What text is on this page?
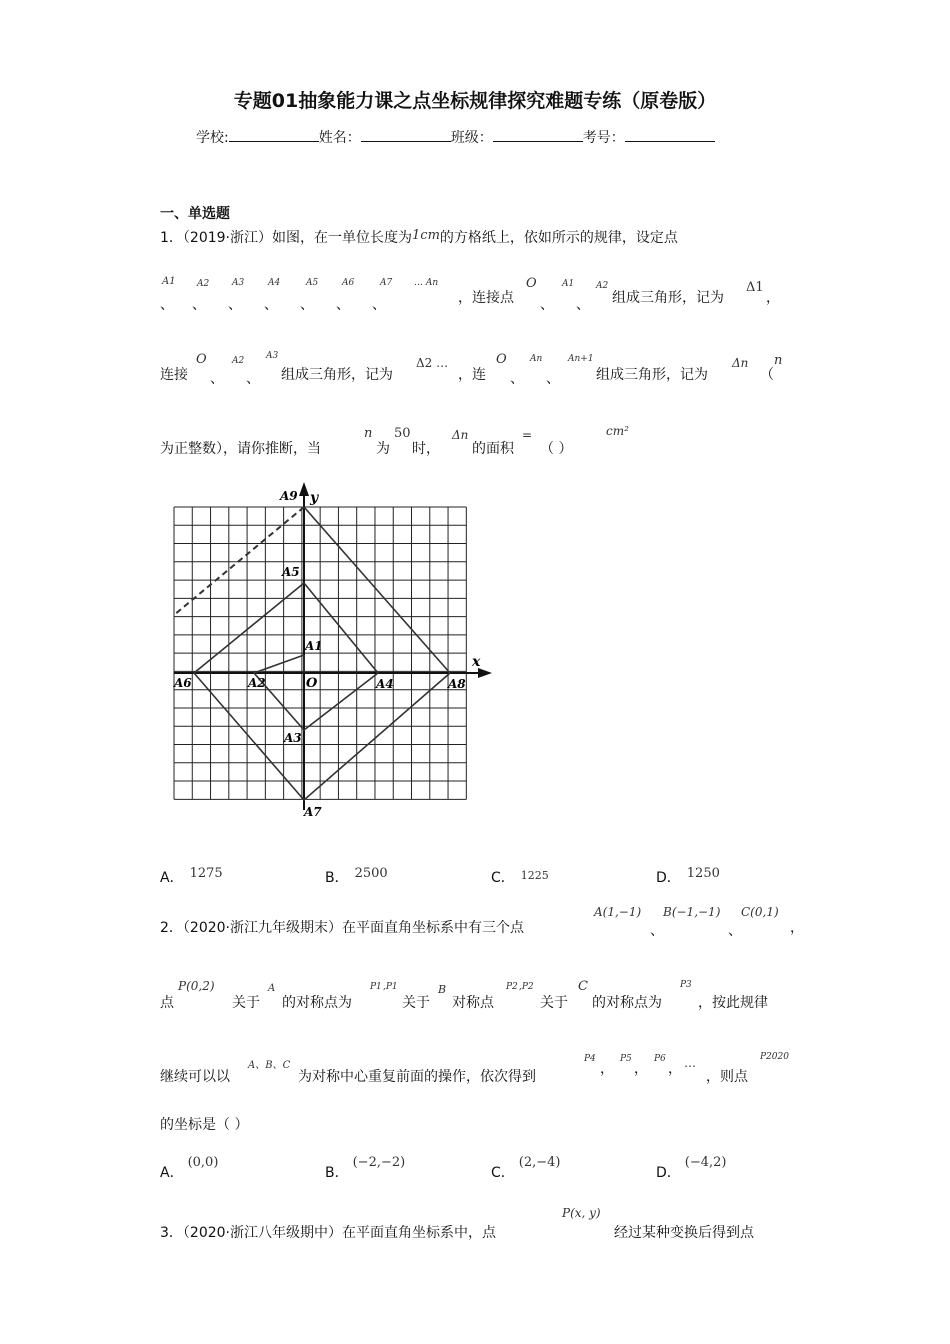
专题01抽象能力课之点坐标规律探究难题专练（原卷版）
学校:	姓名：	班级：	考号：
一、单选题
1．（2019·浙江）如图，在一单位长度为1cm的方格纸上，依如所示的规律，设定点
A1 A2	A3	A4	A5	A6	A7 … An
、 、 、 、 、 、 、	，连接点
O
、
A1
、
A2
组成三角形，记为
Δ1
，
连接
O
、
A2
、
A3
组成三角形，记为
Δ2 …
，连
O
、
An
、
An+1
组成三角形，记为
Δn
（
n
为正整数），请你推断，当
n
为
50
时，
Δn
的面积
=
（ ）
cm²
A9 y
A5
A1
x
A6	A2	O	A4	A8
A3
A7
A． 1275	B． 2500	C． $^{1225}$	D． 1250
2．（2020·浙江九年级期末）在平面直角坐标系中有三个点
A(1,−1)
、
B(−1,−1)
、
C(0,1)
，
点
P(0,2)
关于
A
的对称点为
P1 ,P1
关于
B
对称点
P2 ,P2
关于
C
的对称点为
P3
，按此规律
继续可以以
A、B、C
为对称中心重复前面的操作，依次得到
P4
，
P5
，
P6
， …
，则点
P2020
的坐标是（ ）
A．(0,0)
B．(−2,−2)
C．(2,−4)
D．(−4,2)
3．（2020·浙江八年级期中）在平面直角坐标系中，点
P(x, y)
经过某种变换后得到点
